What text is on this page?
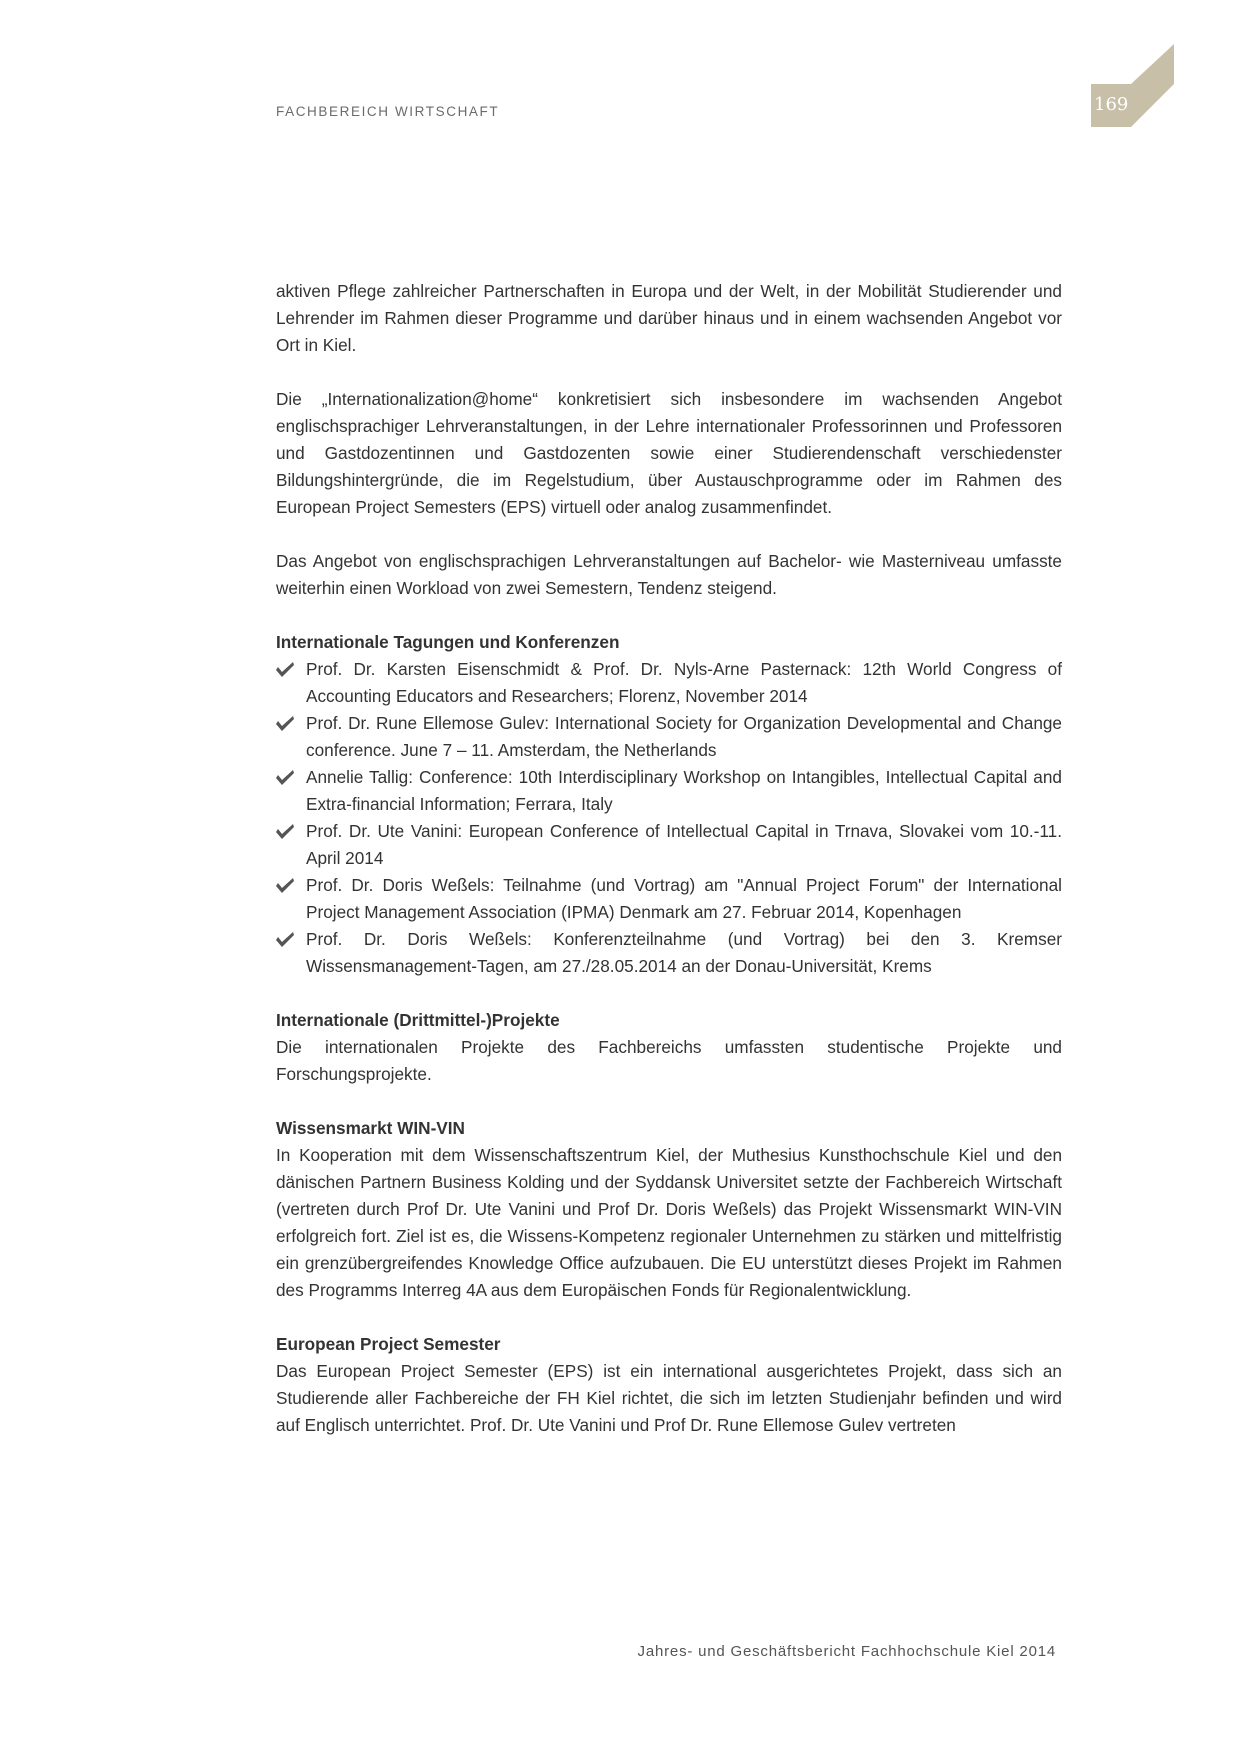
FACHBEREICH WIRTSCHAFT	169

aktiven Pflege zahlreicher Partnerschaften in Europa und der Welt, in der Mobilität Studierender und Lehrender im Rahmen dieser Programme und darüber hinaus und in einem wachsenden Angebot vor Ort in Kiel.

Die „Internationalization@home“ konkretisiert sich insbesondere im wachsenden Angebot englischsprachiger Lehrveranstaltungen, in der Lehre internationaler Professorinnen und Professoren und Gastdozentinnen und Gastdozenten sowie einer Studierendenschaft verschiedenster Bildungshintergründe, die im Regelstudium, über Austauschprogramme oder im Rahmen des European Project Semesters (EPS) virtuell oder analog zusammenfindet.

Das Angebot von englischsprachigen Lehrveranstaltungen auf Bachelor- wie Masterniveau umfasste weiterhin einen Workload von zwei Semestern, Tendenz steigend.

Internationale Tagungen und Konferenzen
Prof. Dr. Karsten Eisenschmidt & Prof. Dr. Nyls-Arne Pasternack: 12th World Congress of Accounting Educators and Researchers; Florenz, November 2014
Prof. Dr. Rune Ellemose Gulev: International Society for Organization Developmental and Change conference. June 7 – 11. Amsterdam, the Netherlands
Annelie Tallig: Conference: 10th Interdisciplinary Workshop on Intangibles, Intellectual Capital and Extra-financial Information; Ferrara, Italy
Prof. Dr. Ute Vanini: European Conference of Intellectual Capital in Trnava, Slovakei vom 10.-11. April 2014
Prof. Dr. Doris Weßels: Teilnahme (und Vortrag) am "Annual Project Forum" der International Project Management Association (IPMA) Denmark am 27. Februar 2014, Kopenhagen
Prof. Dr. Doris Weßels: Konferenzteilnahme (und Vortrag) bei den 3. Kremser Wissensmanagement-Tagen, am 27./28.05.2014 an der Donau-Universität, Krems
Internationale (Drittmittel-)Projekte

Die internationalen Projekte des Fachbereichs umfassten studentische Projekte und Forschungsprojekte.

Wissensmarkt WIN-VIN

In Kooperation mit dem Wissenschaftszentrum Kiel, der Muthesius Kunsthochschule Kiel und den dänischen Partnern Business Kolding und der Syddansk Universitet setzte der Fachbereich Wirtschaft (vertreten durch Prof Dr. Ute Vanini und Prof Dr. Doris Weßels) das Projekt Wissensmarkt WIN-VIN erfolgreich fort. Ziel ist es, die Wissens-Kompetenz regionaler Unternehmen zu stärken und mittelfristig ein grenzübergreifendes Knowledge Office aufzubauen. Die EU unterstützt dieses Projekt im Rahmen des Programms Interreg 4A aus dem Europäischen Fonds für Regionalentwicklung.

European Project Semester

Das European Project Semester (EPS) ist ein international ausgerichtetes Projekt, dass sich an Studierende aller Fachbereiche der FH Kiel richtet, die sich im letzten Studienjahr befinden und wird auf Englisch unterrichtet. Prof. Dr. Ute Vanini und Prof Dr. Rune Ellemose Gulev vertreten

Jahres- und Geschäftsbericht Fachhochschule Kiel 2014
